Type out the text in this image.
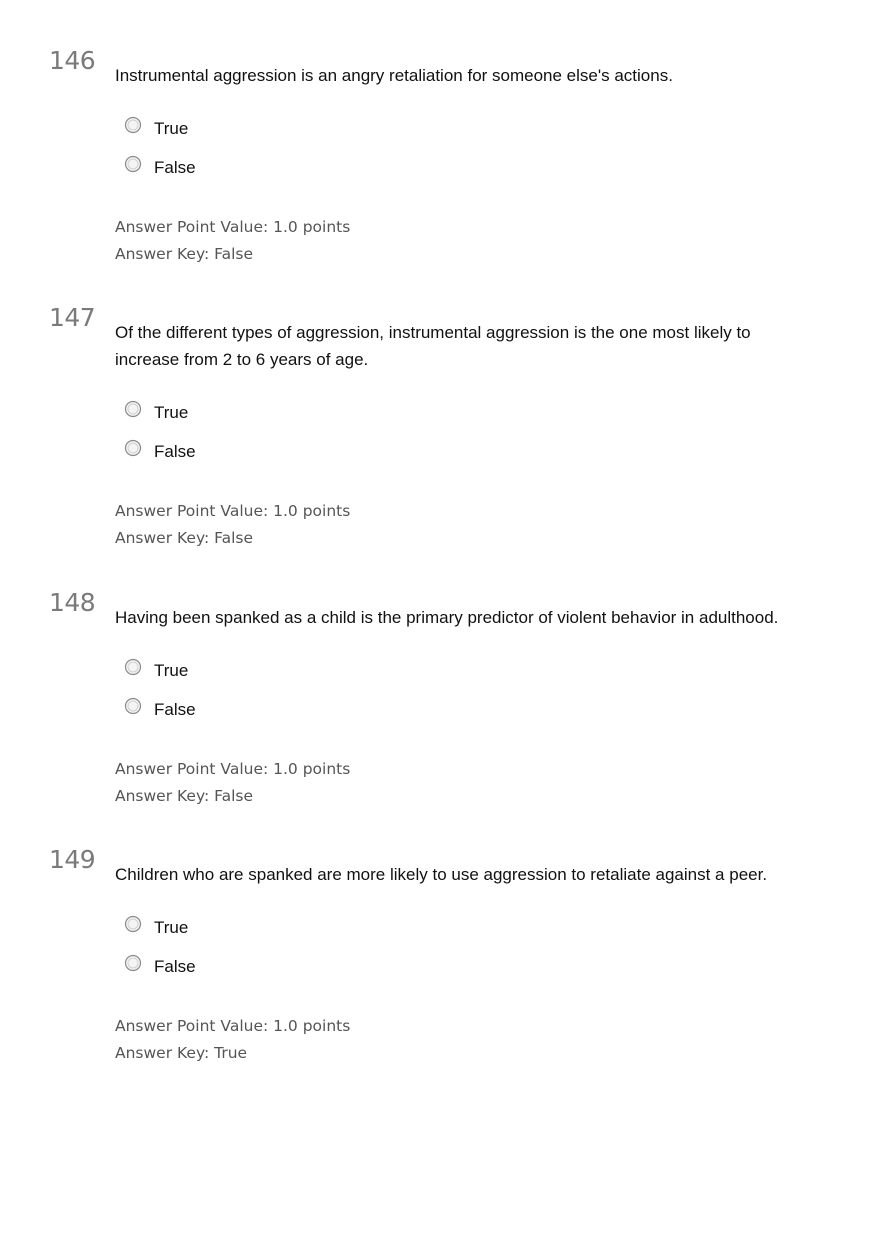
146
Instrumental aggression is an angry retaliation for someone else's actions.
True
False
Answer Point Value: 1.0 points
Answer Key: False
147
Of the different types of aggression, instrumental aggression is the one most likely to increase from 2 to 6 years of age.
True
False
Answer Point Value: 1.0 points
Answer Key: False
148
Having been spanked as a child is the primary predictor of violent behavior in adulthood.
True
False
Answer Point Value: 1.0 points
Answer Key: False
149
Children who are spanked are more likely to use aggression to retaliate against a peer.
True
False
Answer Point Value: 1.0 points
Answer Key: True
